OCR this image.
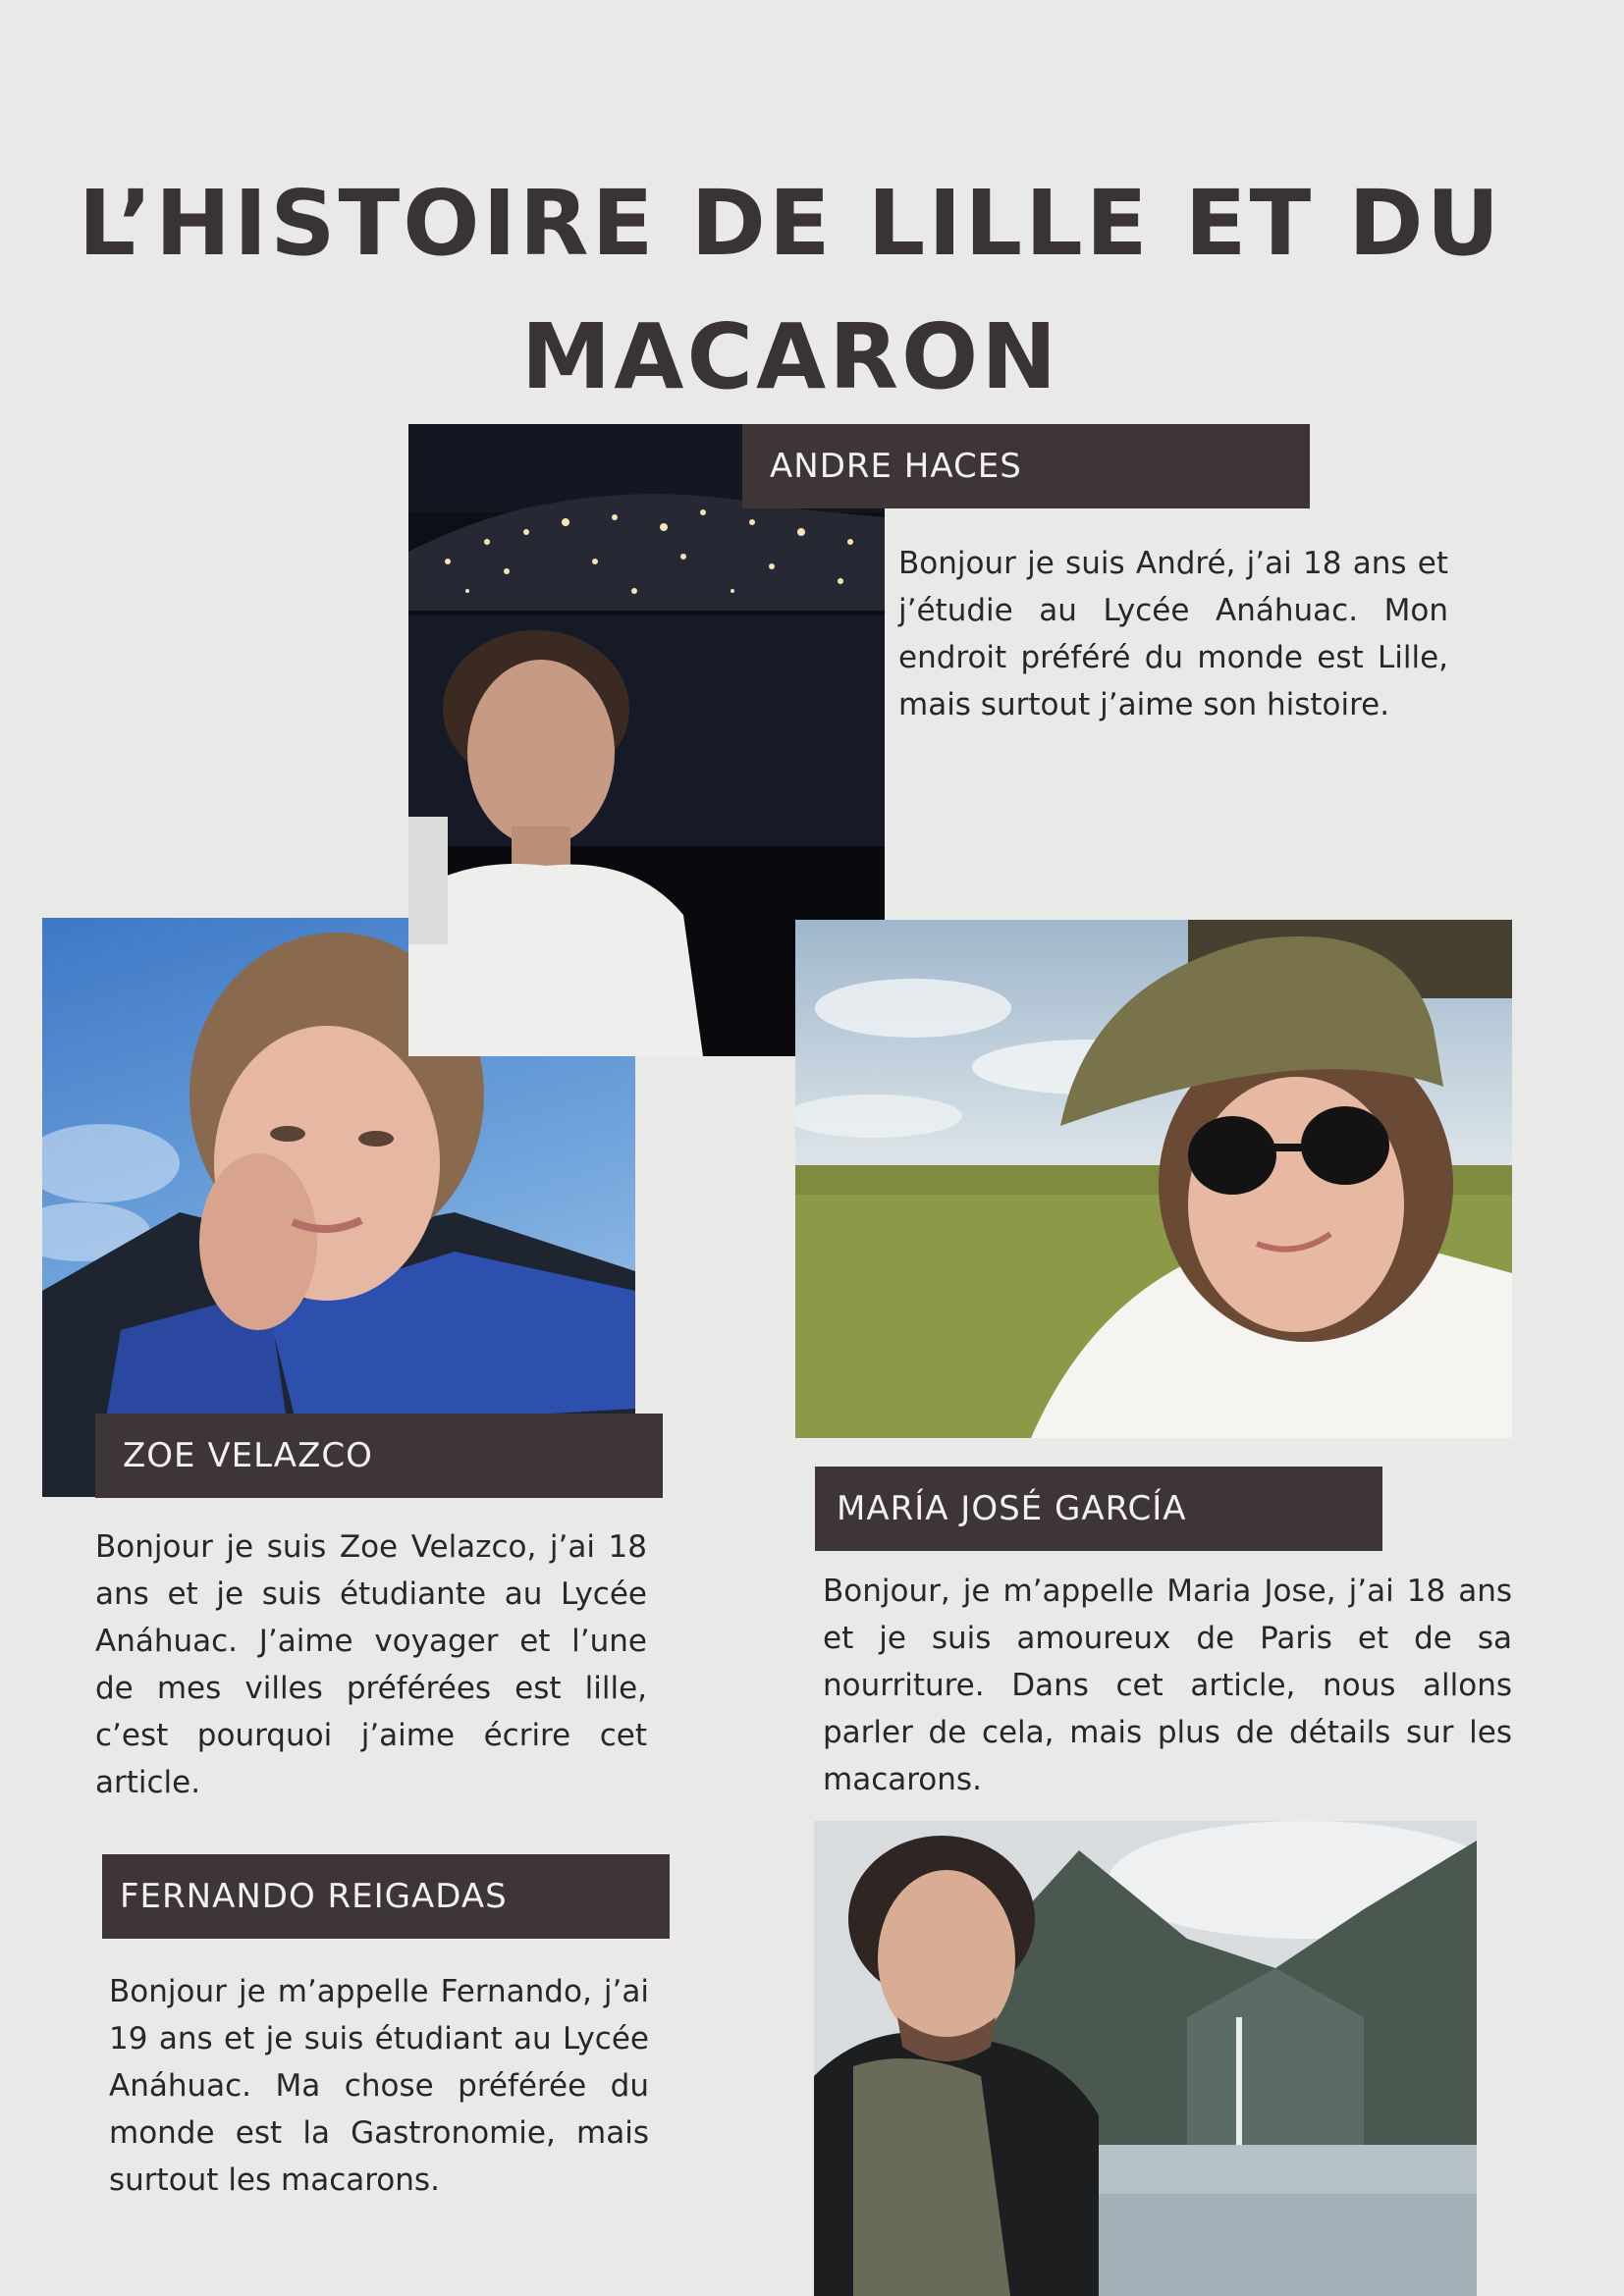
L’HISTOIRE DE LILLE ET DU
MACARON
ANDRE HACES
ZOE VELAZCO
MARÍA JOSÉ GARCÍA
FERNANDO REIGADAS

Bonjour je suis André, j’ai 18 ans et j’étudie au Lycée Anáhuac. Mon endroit préféré du monde est Lille, mais surtout j’aime son histoire.

Bonjour je suis Zoe Velazco, j’ai 18 ans et je suis étudiante au Lycée Anáhuac. J’aime voyager et l’une de mes villes préférées est lille, c’est pourquoi j’aime écrire cet article.

Bonjour, je m’appelle Maria Jose, j’ai 18 ans et je suis amoureux de Paris et de sa nourriture. Dans cet article, nous allons parler de cela, mais plus de détails sur les macarons.

Bonjour je m’appelle Fernando, j’ai 19 ans et je suis étudiant au Lycée Anáhuac. Ma chose préférée du monde est la Gastronomie, mais surtout les macarons.
